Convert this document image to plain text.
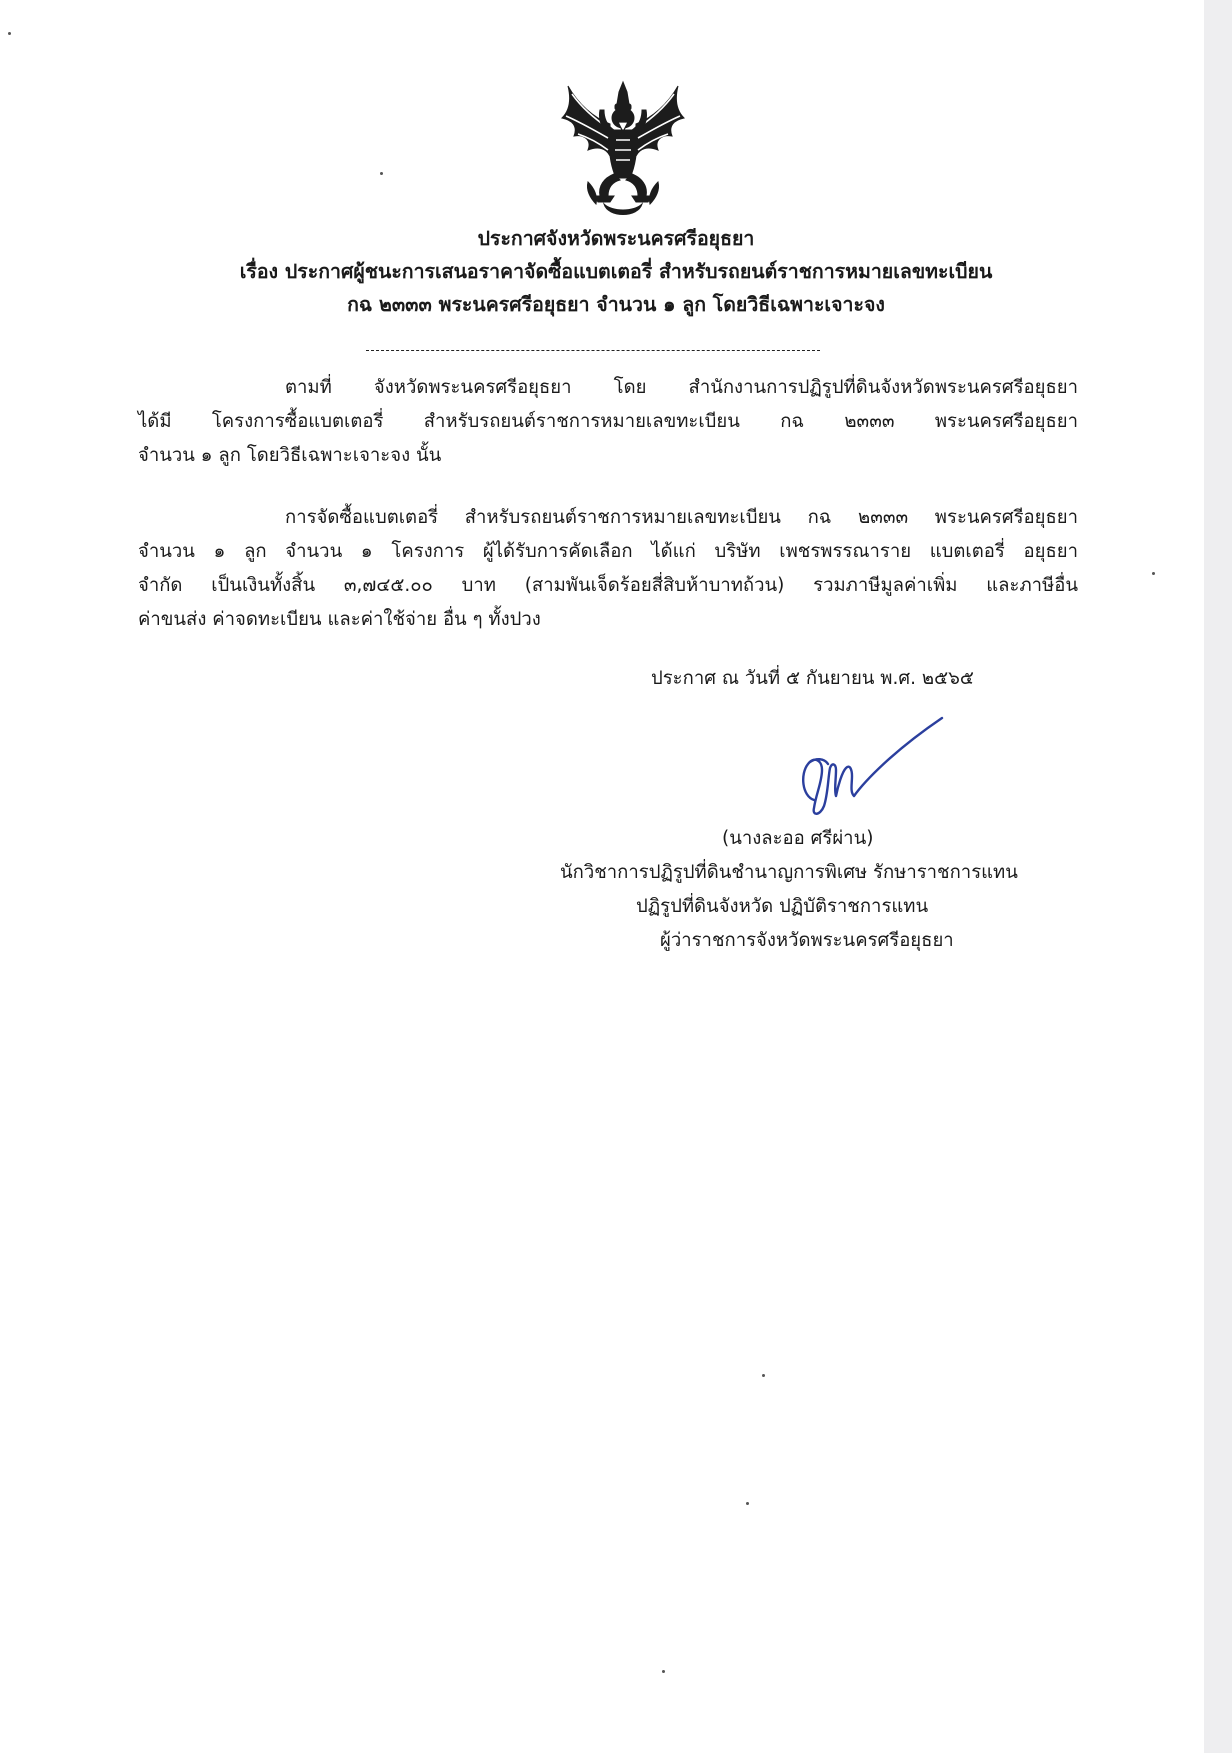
ประกาศจังหวัดพระนครศรีอยุธยา
เรื่อง ประกาศผู้ชนะการเสนอราคาจัดซื้อแบตเตอรี่ สำหรับรถยนต์ราชการหมายเลขทะเบียน
กฉ ๒๓๓๓ พระนครศรีอยุธยา จำนวน ๑ ลูก โดยวิธีเฉพาะเจาะจง
ตามที่ จังหวัดพระนครศรีอยุธยา โดย สำนักงานการปฏิรูปที่ดินจังหวัดพระนครศรีอยุธยา
ได้มี โครงการซื้อแบตเตอรี่ สำหรับรถยนต์ราชการหมายเลขทะเบียน กฉ ๒๓๓๓ พระนครศรีอยุธยา
จำนวน ๑ ลูก โดยวิธีเฉพาะเจาะจง นั้น
การจัดซื้อแบตเตอรี่ สำหรับรถยนต์ราชการหมายเลขทะเบียน กฉ ๒๓๓๓ พระนครศรีอยุธยา
จำนวน ๑ ลูก จำนวน ๑ โครงการ ผู้ได้รับการคัดเลือก ได้แก่ บริษัท เพชรพรรณาราย แบตเตอรี่ อยุธยา
จำกัด เป็นเงินทั้งสิ้น ๓,๗๔๕.๐๐ บาท (สามพันเจ็ดร้อยสี่สิบห้าบาทถ้วน) รวมภาษีมูลค่าเพิ่ม และภาษีอื่น
ค่าขนส่ง ค่าจดทะเบียน และค่าใช้จ่าย อื่น ๆ ทั้งปวง
ประกาศ ณ วันที่ ๕ กันยายน พ.ศ. ๒๕๖๕
(นางละออ ศรีผ่าน)
นักวิชาการปฏิรูปที่ดินชำนาญการพิเศษ รักษาราชการแทน
ปฏิรูปที่ดินจังหวัด ปฏิบัติราชการแทน
ผู้ว่าราชการจังหวัดพระนครศรีอยุธยา
